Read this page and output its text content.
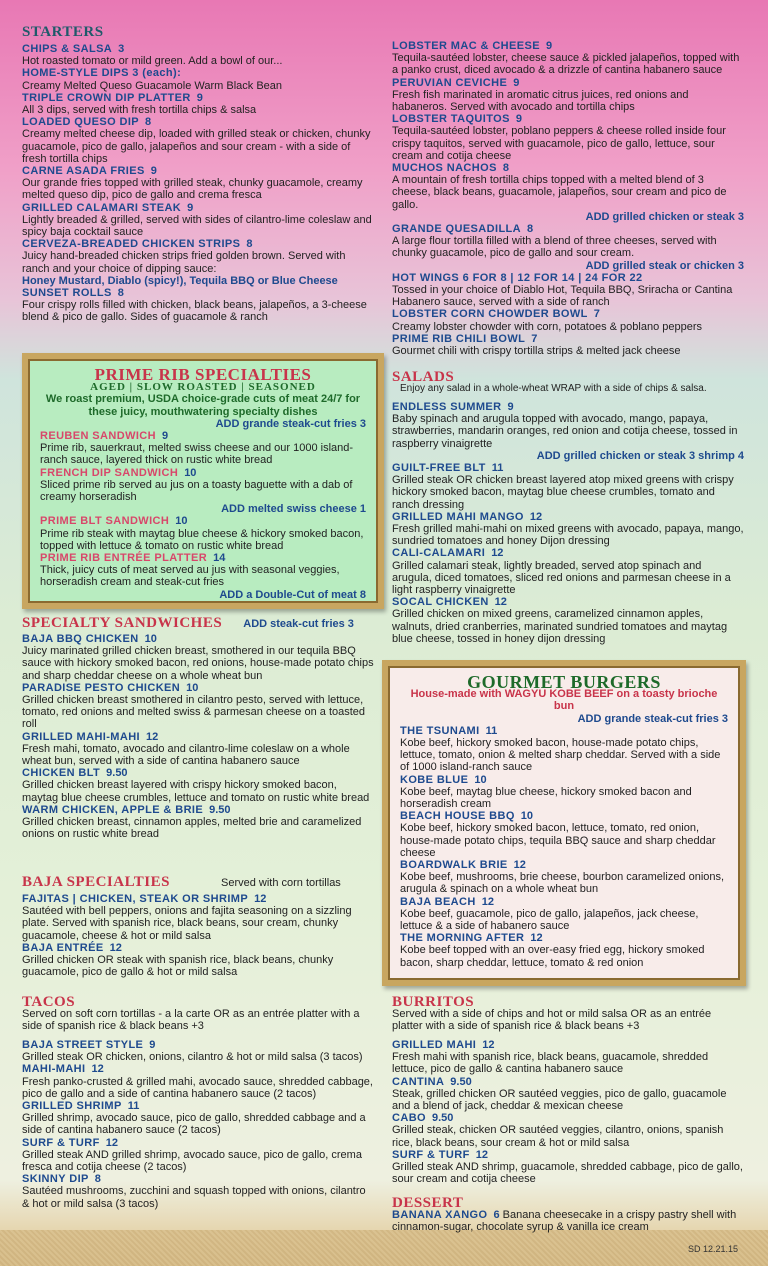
STARTERS
CHIPS & SALSA 3
Hot roasted tomato or mild green. Add a bowl of our...
HOME-STYLE DIPS 3 (each):
Creamy Melted Queso Guacamole Warm Black Bean
TRIPLE CROWN DIP PLATTER 9
All 3 dips, served with fresh tortilla chips & salsa
LOADED QUESO DIP 8
Creamy melted cheese dip, loaded with grilled steak or chicken, chunky guacamole, pico de gallo, jalapeños and sour cream - with a side of fresh tortilla chips
CARNE ASADA FRIES 9
Our grande fries topped with grilled steak, chunky guacamole, creamy melted queso dip, pico de gallo and crema fresca
GRILLED CALAMARI STEAK 9
Lightly breaded & grilled, served with sides of cilantro-lime coleslaw and spicy baja cocktail sauce
CERVEZA-BREADED CHICKEN STRIPS 8
Juicy hand-breaded chicken strips fried golden brown. Served with ranch and your choice of dipping sauce:
Honey Mustard, Diablo (spicy!), Tequila BBQ or Blue Cheese
SUNSET ROLLS 8
Four crispy rolls filled with chicken, black beans, jalapeños, a 3-cheese blend & pico de gallo. Sides of guacamole & ranch
PRIME RIB SPECIALTIES
AGED | SLOW ROASTED | SEASONED
We roast premium, USDA choice-grade cuts of meat 24/7 for these juicy, mouthwatering specialty dishes
ADD grande steak-cut fries 3
REUBEN SANDWICH 9
Prime rib, sauerkraut, melted swiss cheese and our 1000 island-ranch sauce, layered thick on rustic white bread
FRENCH DIP SANDWICH 10
Sliced prime rib served au jus on a toasty baguette with a dab of creamy horseradish
ADD melted swiss cheese 1
PRIME BLT SANDWICH 10
Prime rib steak with maytag blue cheese & hickory smoked bacon, topped with lettuce & tomato on rustic white bread
PRIME RIB ENTRÉE PLATTER 14
Thick, juicy cuts of meat served au jus with seasonal veggies, horseradish cream and steak-cut fries
ADD a Double-Cut of meat 8
SPECIALTY SANDWICHES ADD steak-cut fries 3
BAJA BBQ CHICKEN 10
Juicy marinated grilled chicken breast, smothered in our tequila BBQ sauce with hickory smoked bacon, red onions, house-made potato chips and sharp cheddar cheese on a whole wheat bun
PARADISE PESTO CHICKEN 10
Grilled chicken breast smothered in cilantro pesto, served with lettuce, tomato, red onions and melted swiss & parmesan cheese on a toasted roll
GRILLED MAHI-MAHI 12
Fresh mahi, tomato, avocado and cilantro-lime coleslaw on a whole wheat bun, served with a side of cantina habanero sauce
CHICKEN BLT 9.50
Grilled chicken breast layered with crispy hickory smoked bacon, maytag blue cheese crumbles, lettuce and tomato on rustic white bread
WARM CHICKEN, APPLE & BRIE 9.50
Grilled chicken breast, cinnamon apples, melted brie and caramelized onions on rustic white bread
BAJA SPECIALTIES	Served with corn tortillas
FAJITAS | CHICKEN, STEAK OR SHRIMP 12
Sautéed with bell peppers, onions and fajita seasoning on a sizzling plate. Served with spanish rice, black beans, sour cream, chunky guacamole, cheese & hot or mild salsa
BAJA ENTRÉE 12
Grilled chicken OR steak with spanish rice, black beans, chunky guacamole, pico de gallo & hot or mild salsa
TACOS
Served on soft corn tortillas - a la carte OR as an entrée platter with a side of spanish rice & black beans +3
BAJA STREET STYLE 9
Grilled steak OR chicken, onions, cilantro & hot or mild salsa (3 tacos)
MAHI-MAHI 12
Fresh panko-crusted & grilled mahi, avocado sauce, shredded cabbage, pico de gallo and a side of cantina habanero sauce (2 tacos)
GRILLED SHRIMP 11
Grilled shrimp, avocado sauce, pico de gallo, shredded cabbage and a side of cantina habanero sauce (2 tacos)
SURF & TURF 12
Grilled steak AND grilled shrimp, avocado sauce, pico de gallo, crema fresca and cotija cheese (2 tacos)
SKINNY DIP 8
Sautéed mushrooms, zucchini and squash topped with onions, cilantro & hot or mild salsa (3 tacos)
LOBSTER MAC & CHEESE 9
Tequila-sautéed lobster, cheese sauce & pickled jalapeños, topped with a panko crust, diced avocado & a drizzle of cantina habanero sauce
PERUVIAN CEVICHE 9
Fresh fish marinated in aromatic citrus juices, red onions and habaneros. Served with avocado and tortilla chips
LOBSTER TAQUITOS 9
Tequila-sautéed lobster, poblano peppers & cheese rolled inside four crispy taquitos, served with guacamole, pico de gallo, lettuce, sour cream and cotija cheese
MUCHOS NACHOS 8
A mountain of fresh tortilla chips topped with a melted blend of 3 cheese, black beans, guacamole, jalapeños, sour cream and pico de gallo.
ADD grilled chicken or steak 3
GRANDE QUESADILLA 8
A large flour tortilla filled with a blend of three cheeses, served with chunky guacamole, pico de gallo and sour cream.
ADD grilled steak or chicken 3
HOT WINGS 6 FOR 8 | 12 FOR 14 | 24 FOR 22
Tossed in your choice of Diablo Hot, Tequila BBQ, Sriracha or Cantina Habanero sauce, served with a side of ranch
LOBSTER CORN CHOWDER BOWL 7
Creamy lobster chowder with corn, potatoes & poblano peppers
PRIME RIB CHILI BOWL 7
Gourmet chili with crispy tortilla strips & melted jack cheese
SALADS
Enjoy any salad in a whole-wheat WRAP with a side of chips & salsa.
ENDLESS SUMMER 9
Baby spinach and arugula topped with avocado, mango, papaya, strawberries, mandarin oranges, red onion and cotija cheese, tossed in raspberry vinaigrette
ADD grilled chicken or steak 3 shrimp 4
GUILT-FREE BLT 11
Grilled steak OR chicken breast layered atop mixed greens with crispy hickory smoked bacon, maytag blue cheese crumbles, tomato and ranch dressing
GRILLED MAHI MANGO 12
Fresh grilled mahi-mahi on mixed greens with avocado, papaya, mango, sundried tomatoes and honey Dijon dressing
CALI-CALAMARI 12
Grilled calamari steak, lightly breaded, served atop spinach and arugula, diced tomatoes, sliced red onions and parmesan cheese in a light raspberry vinaigrette
SOCAL CHICKEN 12
Grilled chicken on mixed greens, caramelized cinnamon apples, walnuts, dried cranberries, marinated sundried tomatoes and maytag blue cheese, tossed in honey dijon dressing
GOURMET BURGERS
House-made with WAGYU KOBE BEEF on a toasty brioche bun
ADD grande steak-cut fries 3
THE TSUNAMI 11
Kobe beef, hickory smoked bacon, house-made potato chips, lettuce, tomato, onion & melted sharp cheddar. Served with a side of 1000 island-ranch sauce
KOBE BLUE 10
Kobe beef, maytag blue cheese, hickory smoked bacon and horseradish cream
BEACH HOUSE BBQ 10
Kobe beef, hickory smoked bacon, lettuce, tomato, red onion, house-made potato chips, tequila BBQ sauce and sharp cheddar cheese
BOARDWALK BRIE 12
Kobe beef, mushrooms, brie cheese, bourbon caramelized onions, arugula & spinach on a whole wheat bun
BAJA BEACH 12
Kobe beef, guacamole, pico de gallo, jalapeños, jack cheese, lettuce & a side of habanero sauce
THE MORNING AFTER 12
Kobe beef topped with an over-easy fried egg, hickory smoked bacon, sharp cheddar, lettuce, tomato & red onion
BURRITOS
Served with a side of chips and hot or mild salsa OR as an entrée platter with a side of spanish rice & black beans +3
GRILLED MAHI 12
Fresh mahi with spanish rice, black beans, guacamole, shredded lettuce, pico de gallo & cantina habanero sauce
CANTINA 9.50
Steak, grilled chicken OR sautéed veggies, pico de gallo, guacamole and a blend of jack, cheddar & mexican cheese
CABO 9.50
Grilled steak, chicken OR sautéed veggies, cilantro, onions, spanish rice, black beans, sour cream & hot or mild salsa
SURF & TURF 12
Grilled steak AND shrimp, guacamole, shredded cabbage, pico de gallo, sour cream and cotija cheese
DESSERT
BANANA XANGO 6 Banana cheesecake in a crispy pastry shell with cinnamon-sugar, chocolate syrup & vanilla ice cream
SD 12.21.15
